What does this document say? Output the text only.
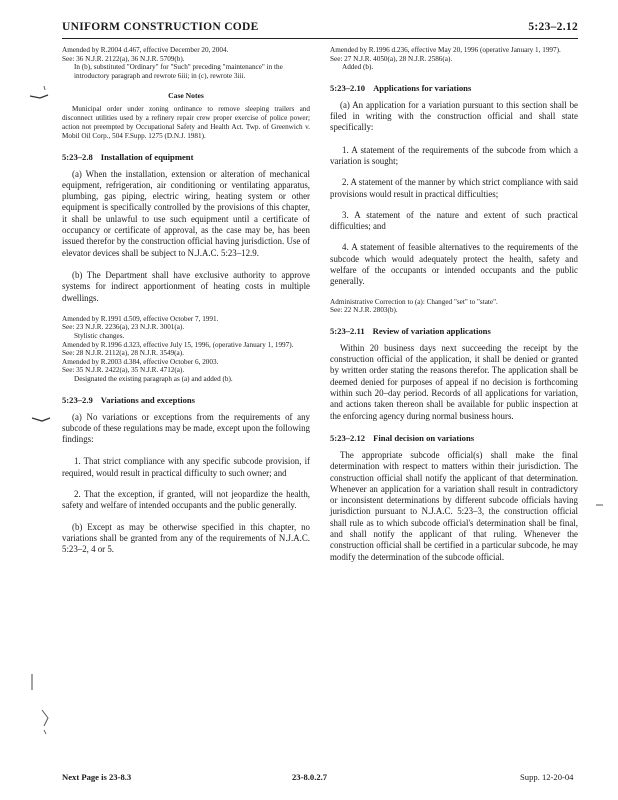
UNIFORM CONSTRUCTION CODE	5:23–2.12

Amended by R.2004 d.467, effective December 20, 2004.

See: 36 N.J.R. 2122(a), 36 N.J.R. 5709(b).

In (b), substituted "Ordinary" for "Such" preceding "maintenance" in the introductory paragraph and rewrote 6iii; in (c), rewrote 3iii.

Case Notes

Municipal order under zoning ordinance to remove sleeping trailers and disconnect utilities used by a refinery repair crew proper exercise of police power; action not preempted by Occupational Safety and Health Act. Twp. of Greenwich v. Mobil Oil Corp., 504 F.Supp. 1275 (D.N.J. 1981).

5:23–2.8 Installation of equipment

(a) When the installation, extension or alteration of mechanical equipment, refrigeration, air conditioning or ventilating apparatus, plumbing, gas piping, electric wiring, heating system or other equipment is specifically controlled by the provisions of this chapter, it shall be unlawful to use such equipment until a certificate of occupancy or certificate of approval, as the case may be, has been issued therefor by the construction official having jurisdiction. Use of elevator devices shall be subject to N.J.A.C. 5:23–12.9.

(b) The Department shall have exclusive authority to approve systems for indirect apportionment of heating costs in multiple dwellings.

Amended by R.1991 d.509, effective October 7, 1991.

See: 23 N.J.R. 2236(a), 23 N.J.R. 3001(a).

Stylistic changes.

Amended by R.1996 d.323, effective July 15, 1996, (operative January 1, 1997).

See: 28 N.J.R. 2112(a), 28 N.J.R. 3549(a).

Amended by R.2003 d.384, effective October 6, 2003.

See: 35 N.J.R. 2422(a), 35 N.J.R. 4712(a).

Designated the existing paragraph as (a) and added (b).

5:23–2.9 Variations and exceptions

(a) No variations or exceptions from the requirements of any subcode of these regulations may be made, except upon the following findings:

1. That strict compliance with any specific subcode provision, if required, would result in practical difficulty to such owner; and

2. That the exception, if granted, will not jeopardize the health, safety and welfare of intended occupants and the public generally.

(b) Except as may be otherwise specified in this chapter, no variations shall be granted from any of the requirements of N.J.A.C. 5:23–2, 4 or 5.

Amended by R.1996 d.236, effective May 20, 1996 (operative January 1, 1997).

See: 27 N.J.R. 4050(a), 28 N.J.R. 2586(a).

Added (b).

5:23–2.10 Applications for variations

(a) An application for a variation pursuant to this section shall be filed in writing with the construction official and shall state specifically:

1. A statement of the requirements of the subcode from which a variation is sought;

2. A statement of the manner by which strict compliance with said provisions would result in practical difficulties;

3. A statement of the nature and extent of such practical difficulties; and

4. A statement of feasible alternatives to the requirements of the subcode which would adequately protect the health, safety and welfare of the occupants or intended occupants and the public generally.

Administrative Correction to (a): Changed "set" to "state".

See: 22 N.J.R. 2803(b).

5:23–2.11 Review of variation applications

Within 20 business days next succeeding the receipt by the construction official of the application, it shall be denied or granted by written order stating the reasons therefor. The application shall be deemed denied for purposes of appeal if no decision is forthcoming within such 20–day period. Records of all applications for variation, and actions taken thereon shall be available for public inspection at the enforcing agency during normal business hours.

5:23–2.12 Final decision on variations

The appropriate subcode official(s) shall make the final determination with respect to matters within their jurisdiction. The construction official shall notify the applicant of that determination. Whenever an application for a variation shall result in contradictory or inconsistent determinations by different subcode officials having jurisdiction pursuant to N.J.A.C. 5:23–3, the construction official shall rule as to which subcode official's determination shall be final, and shall notify the applicant of that ruling. Whenever the construction official shall be certified in a particular subcode, he may modify the determination of the subcode official.

Next Page is 23-8.3	23-8.0.2.7	Supp. 12-20-04
